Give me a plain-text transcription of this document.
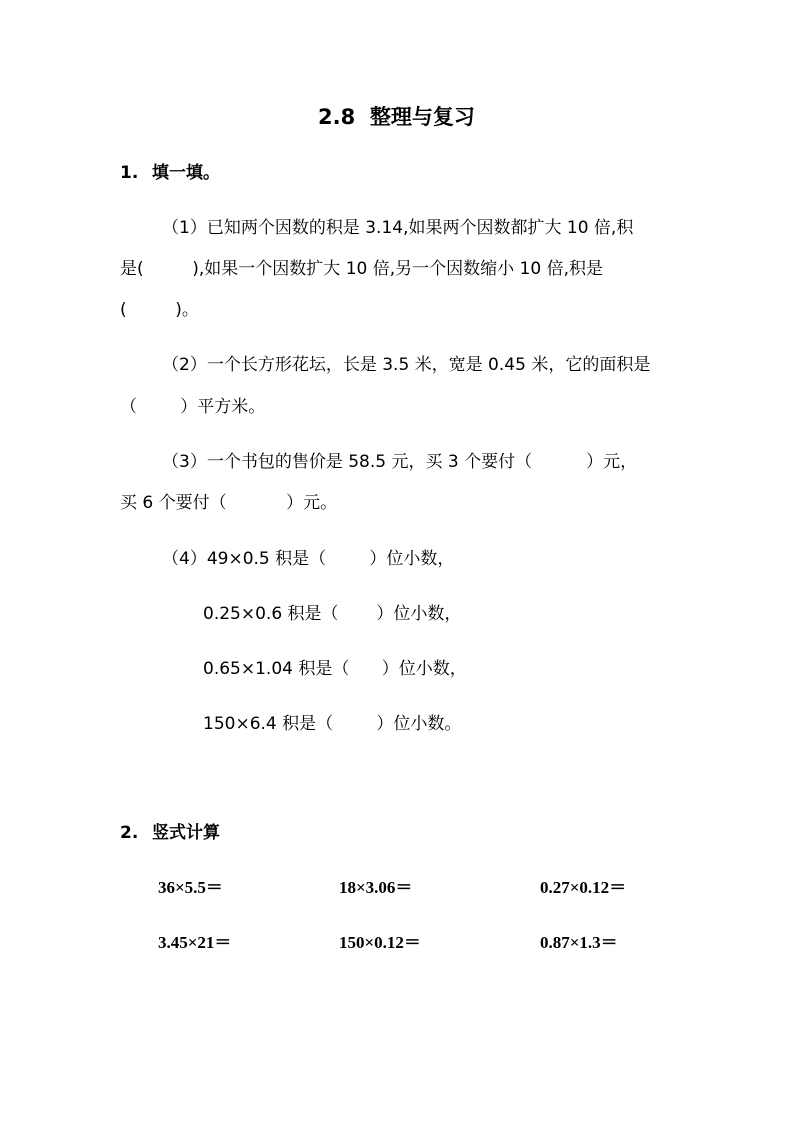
2.8  整理与复习
1. 填一填。
（1）已知两个因数的积是 3.14,如果两个因数都扩大 10 倍,积
是(         ),如果一个因数扩大 10 倍,另一个因数缩小 10 倍,积是
(         )。
（2）一个长方形花坛，长是 3.5 米，宽是 0.45 米，它的面积是
（        ）平方米。
（3）一个书包的售价是 58.5 元，买 3 个要付（          ）元，
买 6 个要付（           ）元。
（4）49×0.5 积是（        ）位小数，
0.25×0.6 积是（       ）位小数，
0.65×1.04 积是（      ）位小数，
150×6.4 积是（        ）位小数。
2. 竖式计算
36×5.5＝	18×3.06＝	0.27×0.12＝
3.45×21＝	150×0.12＝	0.87×1.3＝
